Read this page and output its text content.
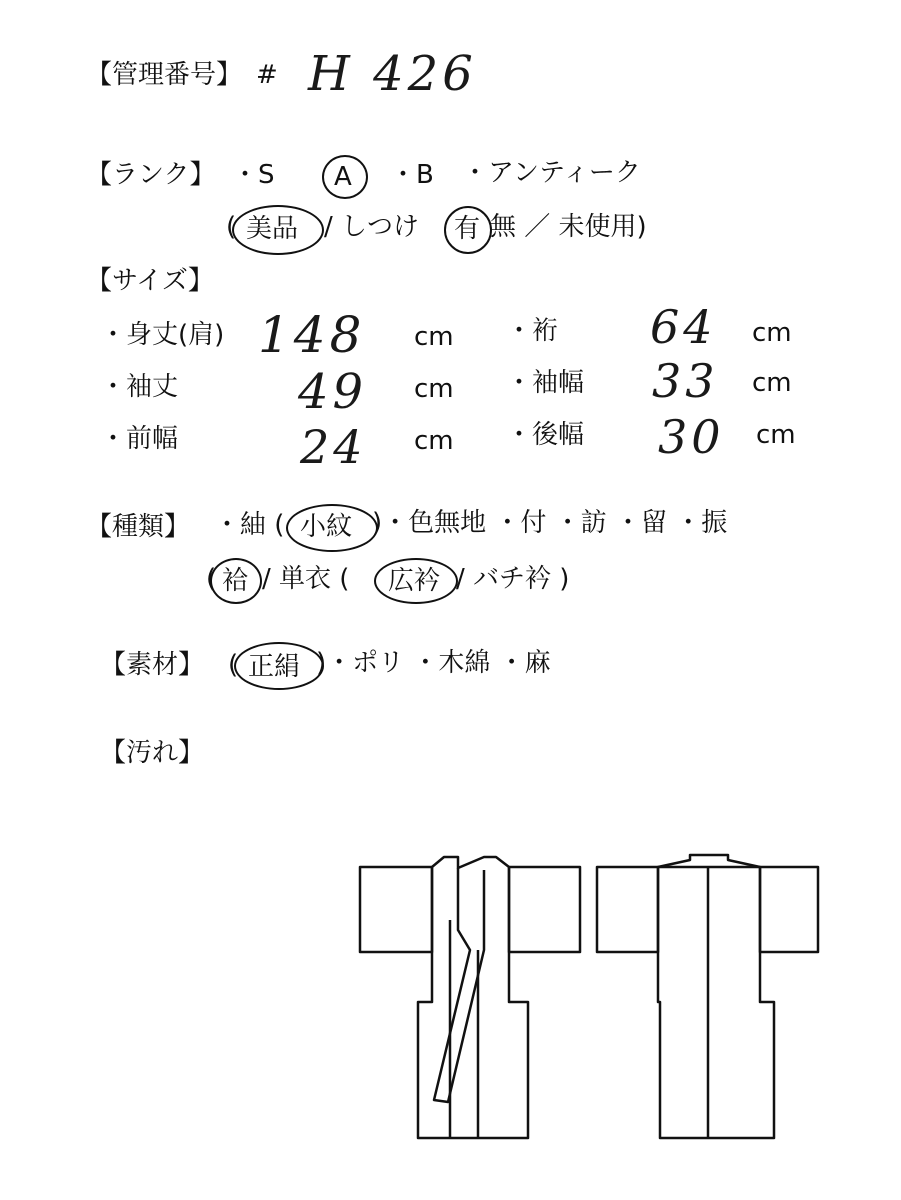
【管理番号】 # H 426
【ランク】 ・S A ・B ・アンティーク
( 美品 / しつけ 有 無 ／ 未使用)
【サイズ】
・身丈(肩) 148 cm ・裄 64 cm
・袖丈 49 cm ・袖幅 33 cm
・前幅	24 cm ・後幅 30 cm
【種類】 ・紬 ( 小紋 )・色無地 ・付 ・訪 ・留 ・振
( 袷 / 単衣 ( 広衿 / バチ衿 )
【素材】 ( 正絹 )・ポリ ・木綿 ・麻
【汚れ】
